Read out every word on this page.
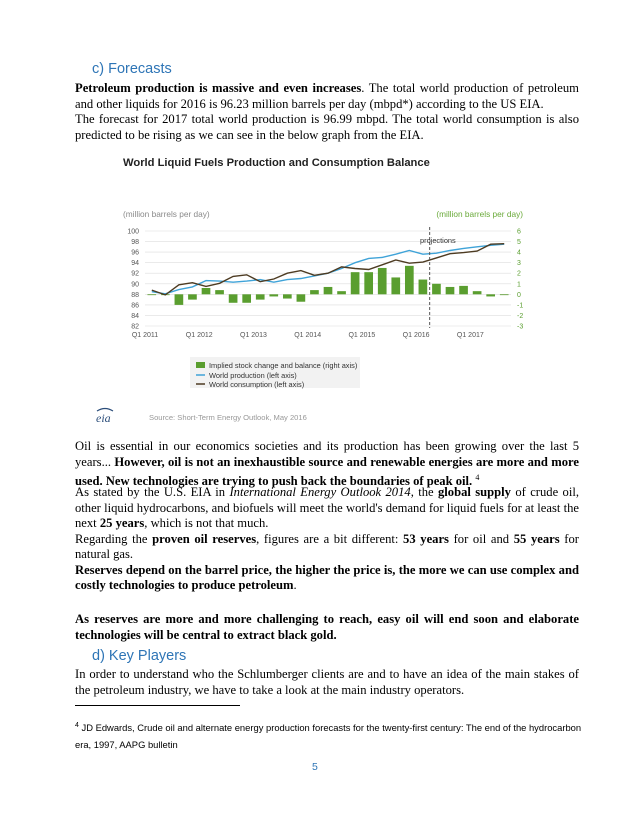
c) Forecasts

Petroleum production is massive and even increases. The total world production of petroleum and other liquids for 2016 is 96.23 million barrels per day (mbpd*) according to the US EIA.
The forecast for 2017 total world production is 96.99 mbpd. The total world consumption is also predicted to be rising as we can see in the below graph from the EIA.

World Liquid Fuels Production and Consumption Balance
(million barrels per day)	(million barrels per day)
100
98
96
94
92
90
88
86
84
82
6
5
4
3
2
1
0
-1
-2
-3
Q1 2011	Q1 2012	Q1 2013	Q1 2014	Q1 2015	Q1 2016	Q1 2017
projections
Implied stock change and balance (right axis)
World production (left axis)
World consumption (left axis)
eia	Source: Short-Term Energy Outlook, May 2016

Oil is essential in our economics societies and its production has been growing over the last 5 years... However, oil is not an inexhaustible source and renewable energies are more and more used. New technologies are trying to push back the boundaries of peak oil. $^4$

As stated by the U.S. EIA in International Energy Outlook 2014, the global supply of crude oil, other liquid hydrocarbons, and biofuels will meet the world's demand for liquid fuels for at least the next 25 years, which is not that much.
Regarding the proven oil reserves, figures are a bit different: 53 years for oil and 55 years for natural gas.
Reserves depend on the barrel price, the higher the price is, the more we can use complex and costly technologies to produce petroleum.

As reserves are more and more challenging to reach, easy oil will end soon and elaborate technologies will be central to extract black gold.

d) Key Players

In order to understand who the Schlumberger clients are and to have an idea of the main stakes of the petroleum industry, we have to take a look at the main industry operators.

$^4$ JD Edwards, Crude oil and alternate energy production forecasts for the twenty-first century: The end of the hydrocarbon era, 1997, AAPG bulletin

5
